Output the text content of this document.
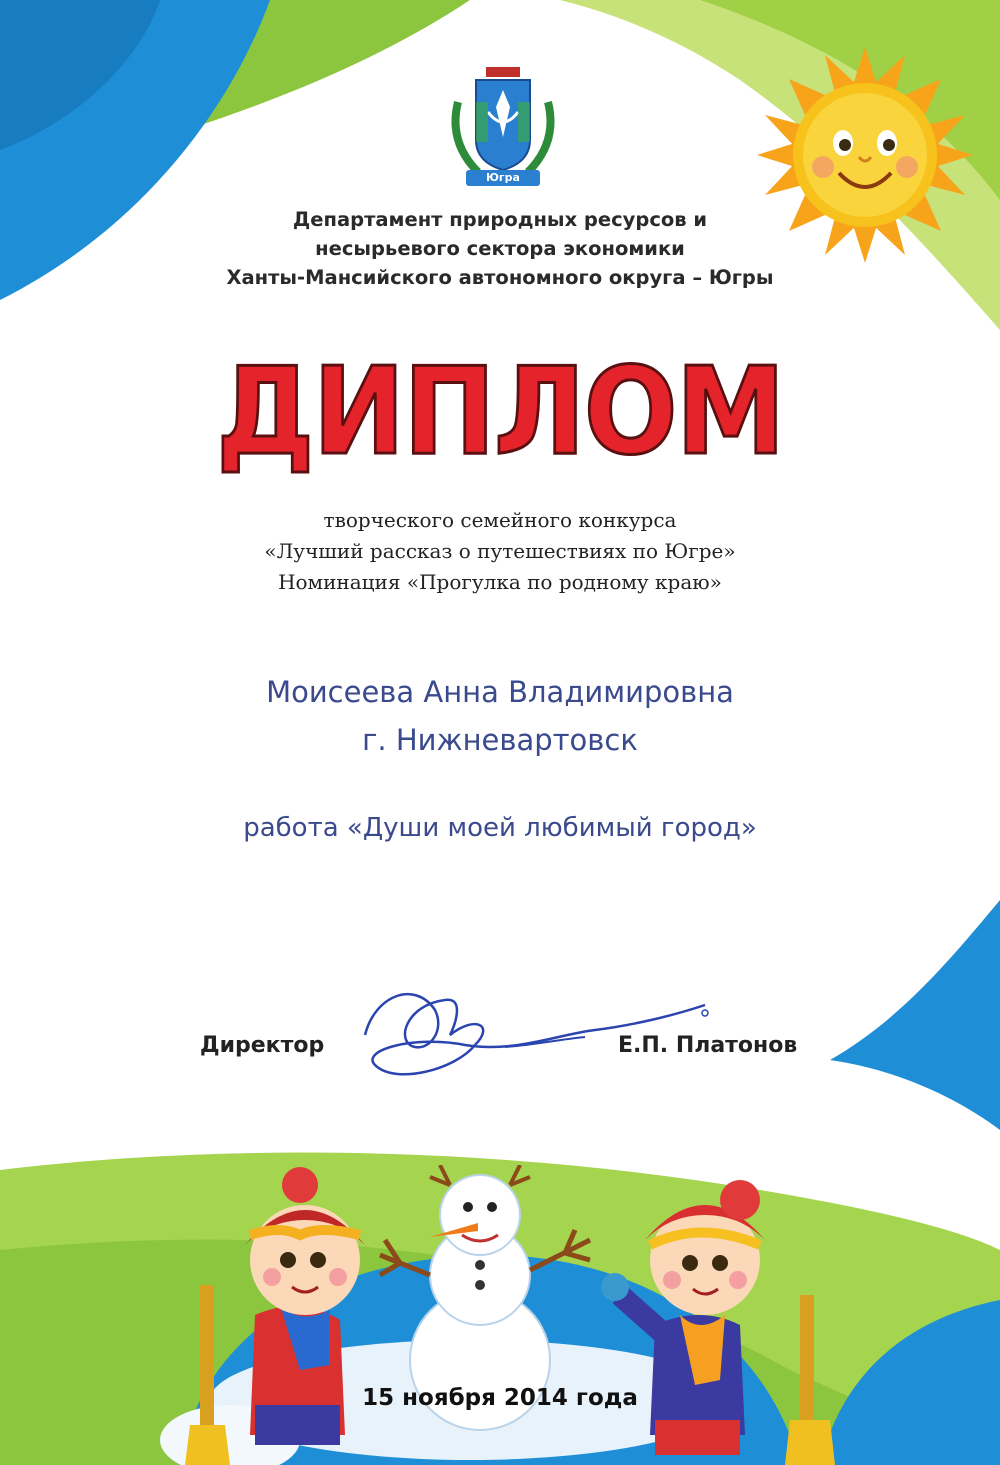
Югра
Департамент природных ресурсов и
несырьевого сектора экономики
Ханты-Мансийского автономного округа – Югры
ДИПЛОМ
творческого семейного конкурса
«Лучший рассказ о путешествиях по Югре»
Номинация «Прогулка по родному краю»
Моисеева Анна Владимировна
г. Нижневартовск
работа «Души моей любимый город»
Директор	Е.П. Платонов
15 ноября 2014 года
